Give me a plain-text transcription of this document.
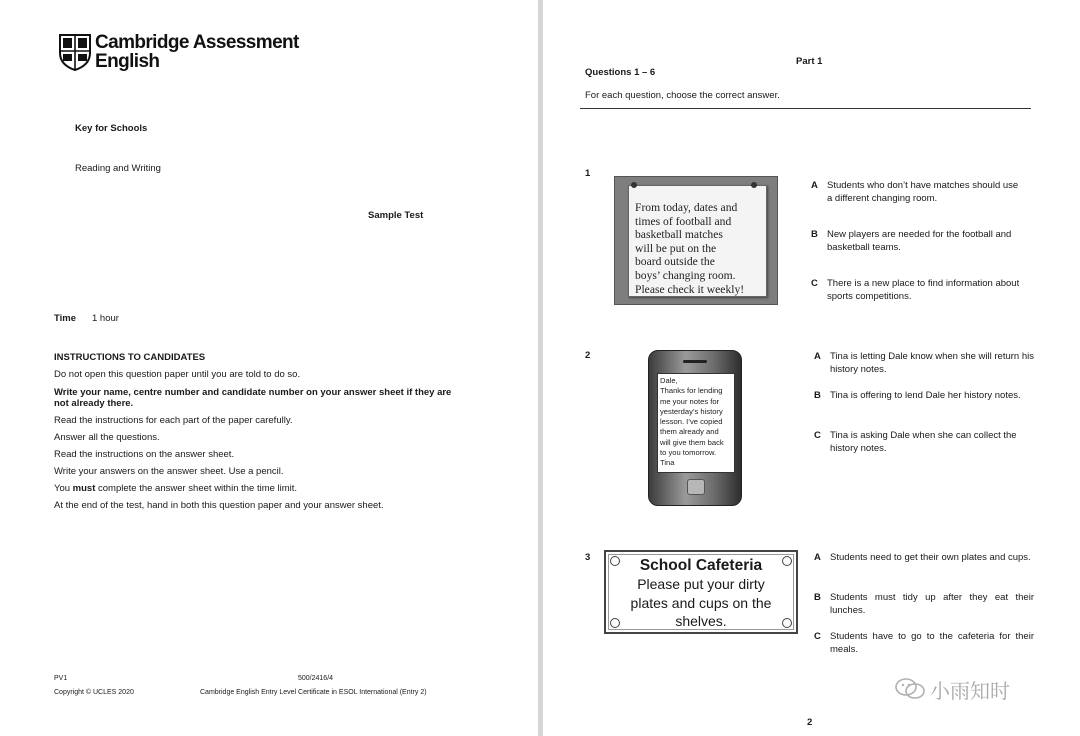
Cambridge Assessment
English
Key for Schools
Reading and Writing
Sample Test
Time 1 hour
INSTRUCTIONS TO CANDIDATES
Do not open this question paper until you are told to do so.
Write your name, centre number and candidate number on your answer sheet if they are
not already there.
Read the instructions for each part of the paper carefully.
Answer all the questions.
Read the instructions on the answer sheet.
Write your answers on the answer sheet. Use a pencil.
You must complete the answer sheet within the time limit.
At the end of the test, hand in both this question paper and your answer sheet.
PV1	500/2416/4
Copyright © UCLES 2020	Cambridge English Entry Level Certificate in ESOL International (Entry 2)
Part 1
Questions 1 – 6
For each question, choose the correct answer.
1
From today, dates and
times of football and
basketball matches
will be put on the
board outside the
boys’ changing room.
Please check it weekly!
A Students who don’t have matches should use a different changing room.
B New players are needed for the football and basketball teams.
C There is a new place to find information about sports competitions.
2
Dale,
Thanks for lending
me your notes for
yesterday’s history
lesson. I’ve copied
them already and
will give them back
to you tomorrow.
Tina
A Tina is letting Dale know when she will return his history notes.
B Tina is offering to lend Dale her history notes.
C Tina is asking Dale when she can collect the history notes.
3	School Cafeteria
Please put your dirty
plates and cups on the
shelves.
A Students need to get their own plates and cups.
B Students must tidy up after they eat their lunches.
C Students have to go to the cafeteria for their meals.
小雨知时
2
